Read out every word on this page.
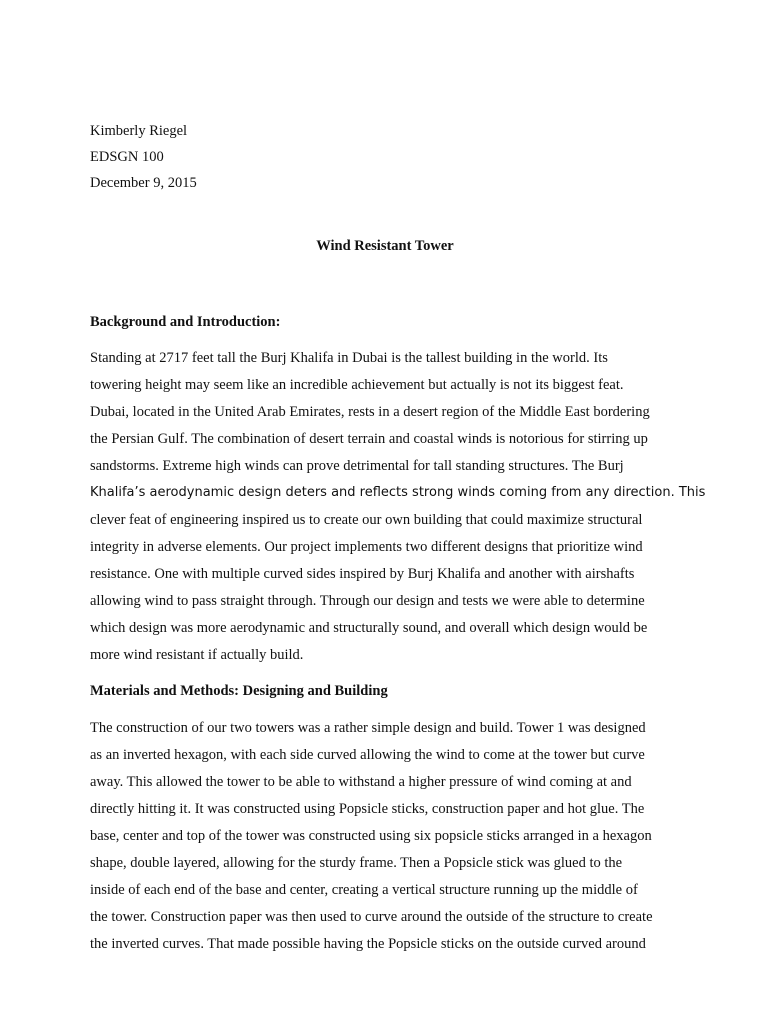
Kimberly Riegel
EDSGN 100
December 9, 2015
Wind Resistant Tower
Background and Introduction:
Standing at 2717 feet tall the Burj Khalifa in Dubai is the tallest building in the world. Its
towering height may seem like an incredible achievement but actually is not its biggest feat.
Dubai, located in the United Arab Emirates, rests in a desert region of the Middle East bordering
the Persian Gulf. The combination of desert terrain and coastal winds is notorious for stirring up
sandstorms. Extreme high winds can prove detrimental for tall standing structures. The Burj
Khalifa’s aerodynamic design deters and reflects strong winds coming from any direction. This
clever feat of engineering inspired us to create our own building that could maximize structural
integrity in adverse elements. Our project implements two different designs that prioritize wind
resistance. One with multiple curved sides inspired by Burj Khalifa and another with airshafts
allowing wind to pass straight through. Through our design and tests we were able to determine
which design was more aerodynamic and structurally sound, and overall which design would be
more wind resistant if actually build.
Materials and Methods: Designing and Building
The construction of our two towers was a rather simple design and build. Tower 1 was designed
as an inverted hexagon, with each side curved allowing the wind to come at the tower but curve
away. This allowed the tower to be able to withstand a higher pressure of wind coming at and
directly hitting it. It was constructed using Popsicle sticks, construction paper and hot glue. The
base, center and top of the tower was constructed using six popsicle sticks arranged in a hexagon
shape, double layered, allowing for the sturdy frame. Then a Popsicle stick was glued to the
inside of each end of the base and center, creating a vertical structure running up the middle of
the tower. Construction paper was then used to curve around the outside of the structure to create
the inverted curves. That made possible having the Popsicle sticks on the outside curved around
